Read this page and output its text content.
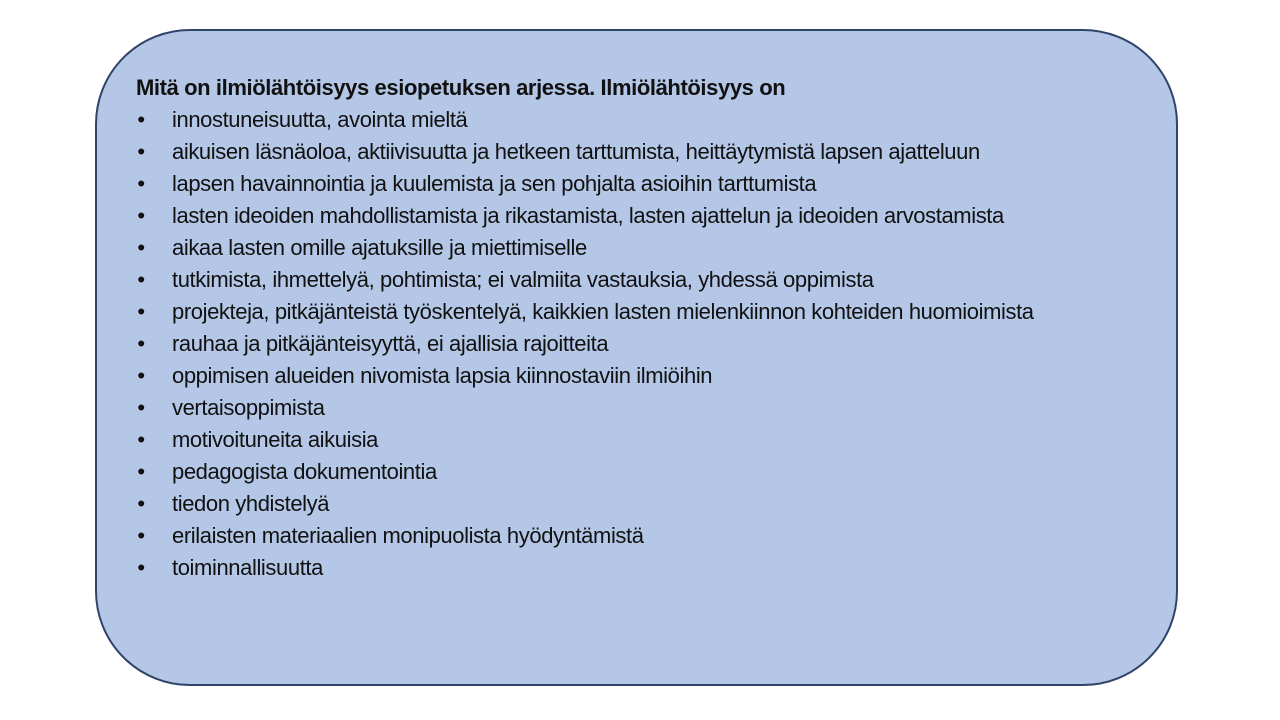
Mitä on ilmiölähtöisyys esiopetuksen arjessa. Ilmiölähtöisyys on

• innostuneisuutta, avointa mieltä
• aikuisen läsnäoloa, aktiivisuutta ja hetkeen tarttumista, heittäytymistä lapsen ajatteluun
• lapsen havainnointia ja kuulemista ja sen pohjalta asioihin tarttumista
• lasten ideoiden mahdollistamista ja rikastamista, lasten ajattelun ja ideoiden arvostamista
• aikaa lasten omille ajatuksille ja miettimiselle
• tutkimista, ihmettelyä, pohtimista; ei valmiita vastauksia, yhdessä oppimista
• projekteja, pitkäjänteistä työskentelyä, kaikkien lasten mielenkiinnon kohteiden huomioimista
• rauhaa ja pitkäjänteisyyttä, ei ajallisia rajoitteita
• oppimisen alueiden nivomista lapsia kiinnostaviin ilmiöihin
• vertaisoppimista
• motivoituneita aikuisia
• pedagogista dokumentointia
• tiedon yhdistelyä
• erilaisten materiaalien monipuolista hyödyntämistä
• toiminnallisuutta
